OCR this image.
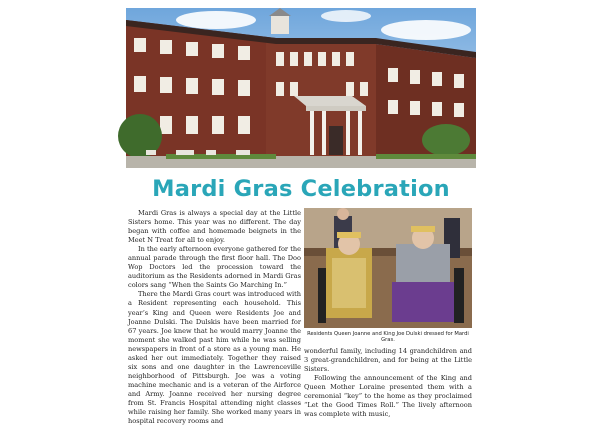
Mardi Gras Celebration

Mardi Gras is always a special day at the Little Sisters home. This year was no different. The day began with coffee and homemade beignets in the Meet N Treat for all to enjoy.

In the early afternoon everyone gathered for the annual parade through the first floor hall. The Doo Wop Doctors led the procession toward the auditorium as the Residents adorned in Mardi Gras colors sang “When the Saints Go Marching In.”

There the Mardi Gras court was introduced with a Resident representing each household. This year’s King and Queen were Residents Joe and Joanne Dulski. The Dulskis have been married for 67 years. Joe knew that he would marry Joanne the moment she walked past him while he was selling newspapers in front of a store as a young man. He asked her out immediately. Together they raised six sons and one daughter in the Lawrenceville neighborhood of Pittsburgh. Joe was a voting machine mechanic and is a veteran of the Airforce and Army. Joanne received her nursing degree from St. Francis Hospital attending night classes while raising her family. She worked many years in hospital recovery rooms and

Residents Queen Joanne and King Joe Dulski dressed for Mardi Gras.

wonderful family, including 14 grandchildren and 3 great-grandchildren, and for being at the Little Sisters.

Following the announcement of the King and Queen Mother Loraine presented them with a ceremonial “key” to the home as they proclaimed “Let the Good Times Roll.” The lively afternoon was complete with music,
